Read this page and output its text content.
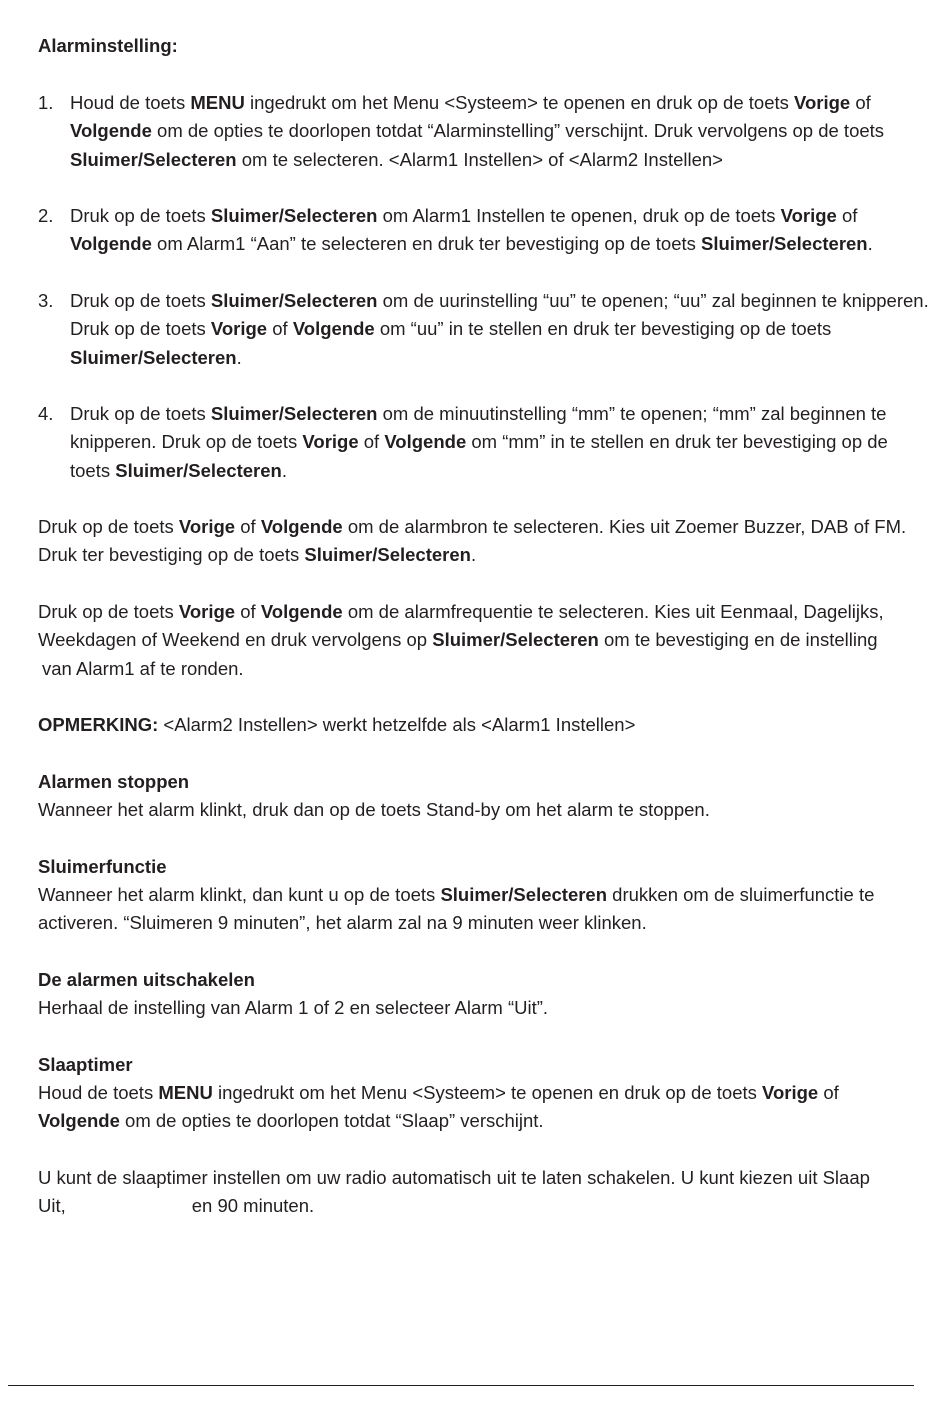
Alarminstelling:
1. Houd de toets MENU ingedrukt om het Menu <Systeem> te openen en druk op de toets Vorige of Volgende om de opties te doorlopen totdat “Alarminstelling” verschijnt. Druk vervolgens op de toets Sluimer/Selecteren om te selecteren. <Alarm1 Instellen> of <Alarm2 Instellen>
2. Druk op de toets Sluimer/Selecteren om Alarm1 Instellen te openen, druk op de toets Vorige of Volgende om Alarm1 “Aan” te selecteren en druk ter bevestiging op de toets Sluimer/Selecteren.
3. Druk op de toets Sluimer/Selecteren om de uurinstelling “uu” te openen; “uu” zal beginnen te knipperen. Druk op de toets Vorige of Volgende om “uu” in te stellen en druk ter bevestiging op de toets Sluimer/Selecteren.
4. Druk op de toets Sluimer/Selecteren om de minuutinstelling “mm” te openen; “mm” zal beginnen te knipperen. Druk op de toets Vorige of Volgende om “mm” in te stellen en druk ter bevestiging op de toets Sluimer/Selecteren.
Druk op de toets Vorige of Volgende om de alarmbron te selecteren. Kies uit Zoemer Buzzer, DAB of FM. Druk ter bevestiging op de toets Sluimer/Selecteren.
Druk op de toets Vorige of Volgende om de alarmfrequentie te selecteren. Kies uit Eenmaal, Dagelijks, Weekdagen of Weekend en druk vervolgens op Sluimer/Selecteren om te bevestiging en de instelling
van Alarm1 af te ronden.
OPMERKING: <Alarm2 Instellen> werkt hetzelfde als <Alarm1 Instellen>
Alarmen stoppen
Wanneer het alarm klinkt, druk dan op de toets Stand-by om het alarm te stoppen.
Sluimerfunctie
Wanneer het alarm klinkt, dan kunt u op de toets Sluimer/Selecteren drukken om de sluimerfunctie te activeren. “Sluimeren 9 minuten”, het alarm zal na 9 minuten weer klinken.
De alarmen uitschakelen
Herhaal de instelling van Alarm 1 of 2 en selecteer Alarm “Uit”.
Slaaptimer
Houd de toets MENU ingedrukt om het Menu <Systeem> te openen en druk op de toets Vorige of Volgende om de opties te doorlopen totdat “Slaap” verschijnt.
U kunt de slaaptimer instellen om uw radio automatisch uit te laten schakelen. U kunt kiezen uit Slaap
Uit,	en 90 minuten.
